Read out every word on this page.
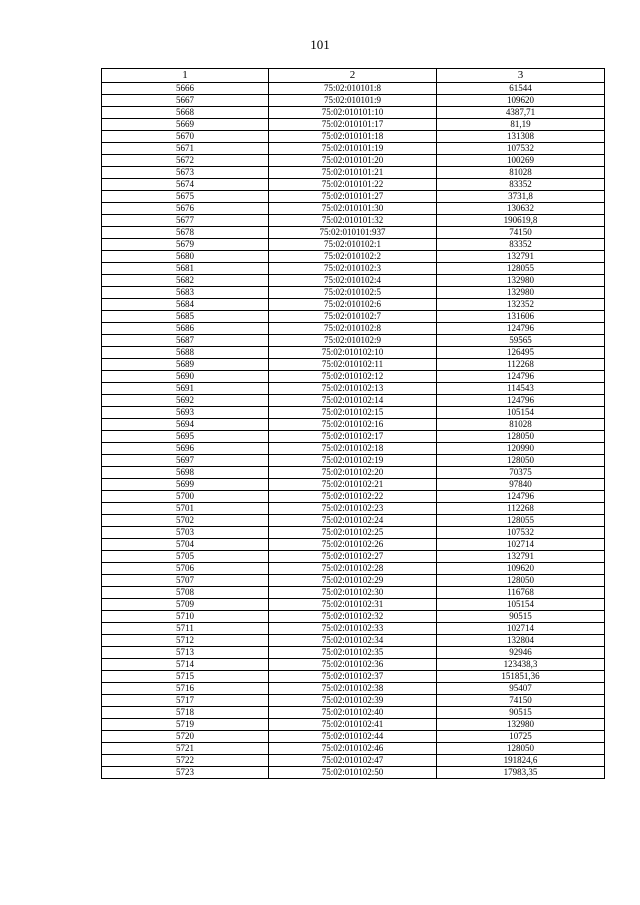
101
1	2	3
5666	75:02:010101:8	61544
5667	75:02:010101:9	109620
5668	75:02:010101:10	4387,71
5669	75:02:010101:17	81,19
5670	75:02:010101:18	131308
5671	75:02:010101:19	107532
5672	75:02:010101:20	100269
5673	75:02:010101:21	81028
5674	75:02:010101:22	83352
5675	75:02:010101:27	3731,8
5676	75:02:010101:30	130632
5677	75:02:010101:32	190619,8
5678	75:02:010101:937	74150
5679	75:02:010102:1	83352
5680	75:02:010102:2	132791
5681	75:02:010102:3	128055
5682	75:02:010102:4	132980
5683	75:02:010102:5	132980
5684	75:02:010102:6	132352
5685	75:02:010102:7	131606
5686	75:02:010102:8	124796
5687	75:02:010102:9	59565
5688	75:02:010102:10	126495
5689	75:02:010102:11	112268
5690	75:02:010102:12	124796
5691	75:02:010102:13	114543
5692	75:02:010102:14	124796
5693	75:02:010102:15	105154
5694	75:02:010102:16	81028
5695	75:02:010102:17	128050
5696	75:02:010102:18	120990
5697	75:02:010102:19	128050
5698	75:02:010102:20	70375
5699	75:02:010102:21	97840
5700	75:02:010102:22	124796
5701	75:02:010102:23	112268
5702	75:02:010102:24	128055
5703	75:02:010102:25	107532
5704	75:02:010102:26	102714
5705	75:02:010102:27	132791
5706	75:02:010102:28	109620
5707	75:02:010102:29	128050
5708	75:02:010102:30	116768
5709	75:02:010102:31	105154
5710	75:02:010102:32	90515
5711	75:02:010102:33	102714
5712	75:02:010102:34	132804
5713	75:02:010102:35	92946
5714	75:02:010102:36	123438,3
5715	75:02:010102:37	151851,36
5716	75:02:010102:38	95407
5717	75:02:010102:39	74150
5718	75:02:010102:40	90515
5719	75:02:010102:41	132980
5720	75:02:010102:44	10725
5721	75:02:010102:46	128050
5722	75:02:010102:47	191824,6
5723	75:02:010102:50	17983,35
